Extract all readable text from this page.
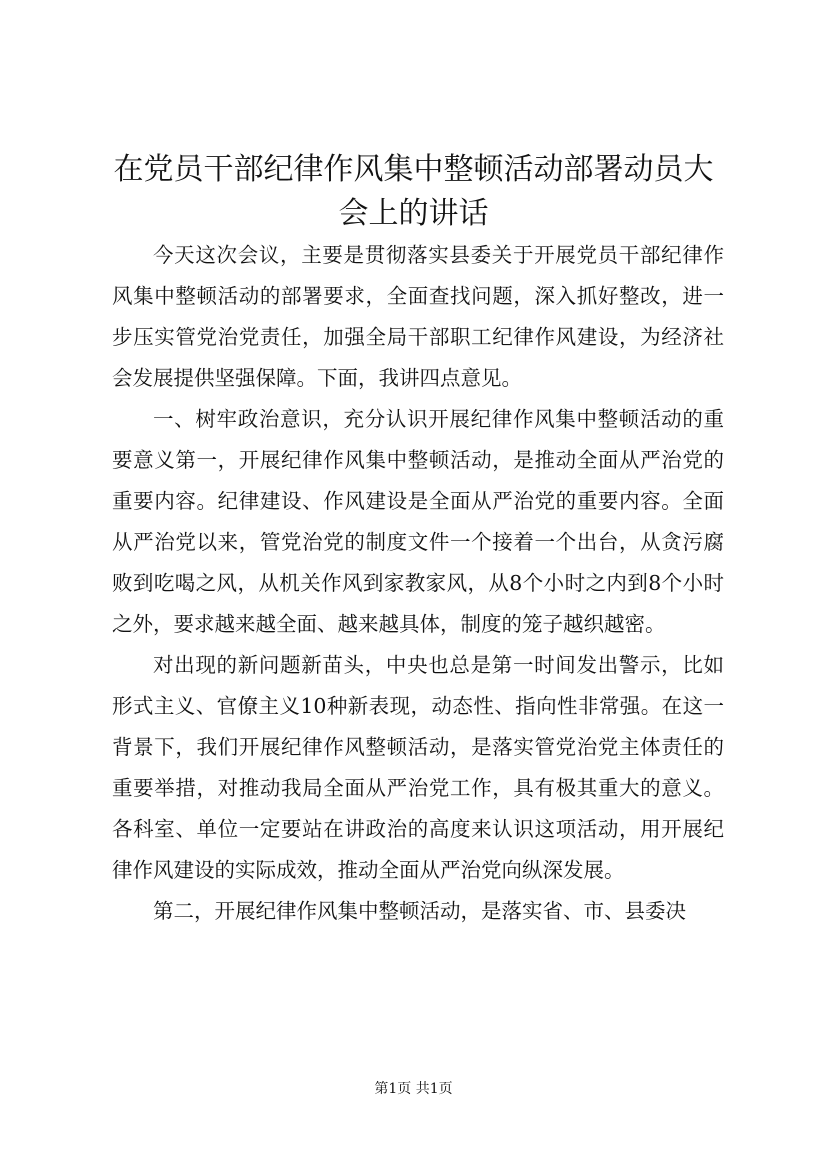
在党员干部纪律作风集中整顿活动部署动员大会上的讲话

今天这次会议，主要是贯彻落实县委关于开展党员干部纪律作风集中整顿活动的部署要求，全面查找问题，深入抓好整改，进一步压实管党治党责任，加强全局干部职工纪律作风建设，为经济社会发展提供坚强保障。下面，我讲四点意见。

一、树牢政治意识，充分认识开展纪律作风集中整顿活动的重要意义第一，开展纪律作风集中整顿活动，是推动全面从严治党的重要内容。纪律建设、作风建设是全面从严治党的重要内容。全面从严治党以来，管党治党的制度文件一个接着一个出台，从贪污腐败到吃喝之风，从机关作风到家教家风，从8个小时之内到8个小时之外，要求越来越全面、越来越具体，制度的笼子越织越密。

对出现的新问题新苗头，中央也总是第一时间发出警示，比如形式主义、官僚主义10种新表现，动态性、指向性非常强。在这一背景下，我们开展纪律作风整顿活动，是落实管党治党主体责任的重要举措，对推动我局全面从严治党工作，具有极其重大的意义。各科室、单位一定要站在讲政治的高度来认识这项活动，用开展纪律作风建设的实际成效，推动全面从严治党向纵深发展。

第二，开展纪律作风集中整顿活动，是落实省、市、县委决

第1页 共1页
